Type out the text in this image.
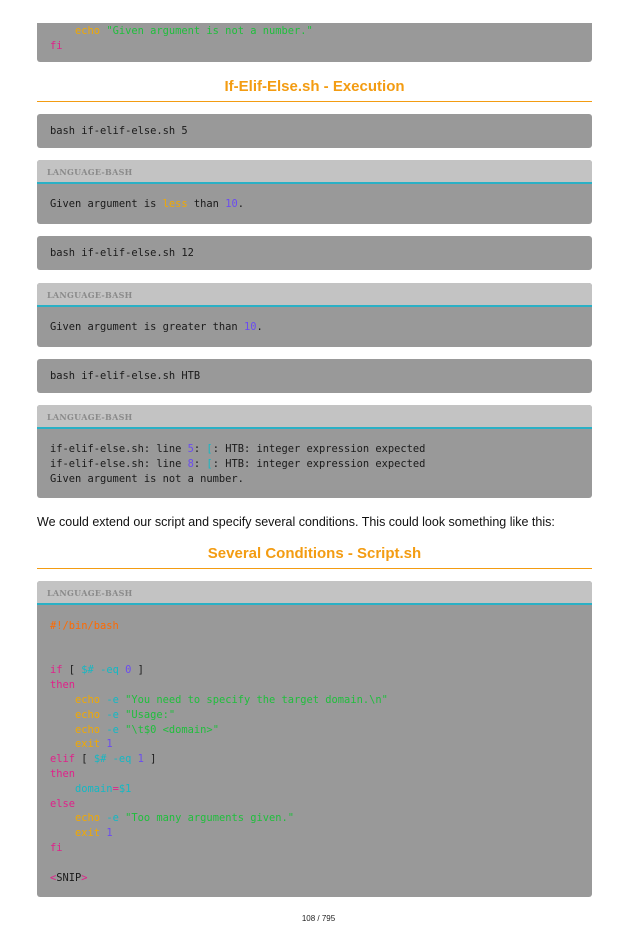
echo "Given argument is not a number."
fi
If-Elif-Else.sh - Execution
bash if-elif-else.sh 5
LANGUAGE-BASH
Given argument is less than 10.
bash if-elif-else.sh 12
LANGUAGE-BASH
Given argument is greater than 10.
bash if-elif-else.sh HTB
LANGUAGE-BASH
if-elif-else.sh: line 5: [: HTB: integer expression expected
if-elif-else.sh: line 8: [: HTB: integer expression expected
Given argument is not a number.
We could extend our script and specify several conditions. This could look something like this:
Several Conditions - Script.sh
LANGUAGE-BASH
#!/bin/bash
if [ $# -eq 0 ]
then
echo -e "You need to specify the target domain.\n"
echo -e "Usage:"
echo -e "\t$0 <domain>"
exit 1
elif [ $# -eq 1 ]
then
domain=$1
else
echo -e "Too many arguments given."
exit 1
fi
<SNIP>
108 / 795
